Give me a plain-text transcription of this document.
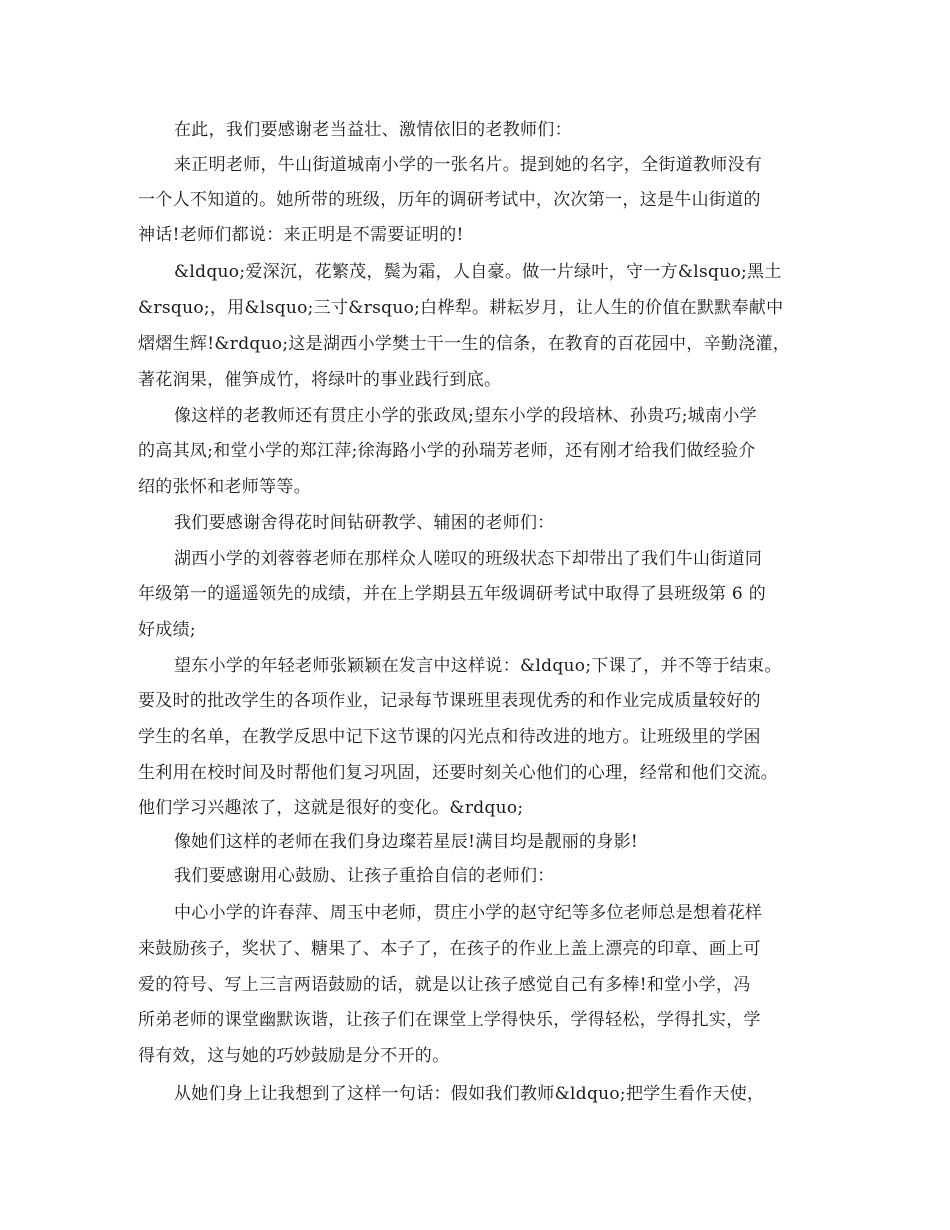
在此，我们要感谢老当益壮、激情依旧的老教师们：

来正明老师，牛山街道城南小学的一张名片。提到她的名字，全街道教师没有

一个人不知道的。她所带的班级，历年的调研考试中，次次第一，这是牛山街道的

神话!老师们都说：来正明是不需要证明的!

&ldquo;爱深沉，花繁茂，鬓为霜，人自豪。做一片绿叶，守一方&lsquo;黑土

&rsquo;，用&lsquo;三寸&rsquo;白桦犁。耕耘岁月，让人生的价值在默默奉献中

熠熠生辉!&rdquo;这是湖西小学樊士干一生的信条，在教育的百花园中，辛勤浇灌，

著花润果，催笋成竹，将绿叶的事业践行到底。

像这样的老教师还有贯庄小学的张政凤;望东小学的段培林、孙贵巧;城南小学

的高其凤;和堂小学的郑江萍;徐海路小学的孙瑞芳老师，还有刚才给我们做经验介

绍的张怀和老师等等。

我们要感谢舍得花时间钻研教学、辅困的老师们：

湖西小学的刘蓉蓉老师在那样众人嗟叹的班级状态下却带出了我们牛山街道同

年级第一的遥遥领先的成绩，并在上学期县五年级调研考试中取得了县班级第 6 的

好成绩;

望东小学的年轻老师张颖颖在发言中这样说：&ldquo;下课了，并不等于结束。

要及时的批改学生的各项作业，记录每节课班里表现优秀的和作业完成质量较好的

学生的名单，在教学反思中记下这节课的闪光点和待改进的地方。让班级里的学困

生利用在校时间及时帮他们复习巩固，还要时刻关心他们的心理，经常和他们交流。

他们学习兴趣浓了，这就是很好的变化。&rdquo;

像她们这样的老师在我们身边璨若星辰!满目均是靓丽的身影!

我们要感谢用心鼓励、让孩子重拾自信的老师们：

中心小学的许春萍、周玉中老师，贯庄小学的赵守纪等多位老师总是想着花样

来鼓励孩子，奖状了、糖果了、本子了，在孩子的作业上盖上漂亮的印章、画上可

爱的符号、写上三言两语鼓励的话，就是以让孩子感觉自己有多棒!和堂小学，冯

所弟老师的课堂幽默诙谐，让孩子们在课堂上学得快乐，学得轻松，学得扎实，学

得有效，这与她的巧妙鼓励是分不开的。

从她们身上让我想到了这样一句话：假如我们教师&ldquo;把学生看作天使，
